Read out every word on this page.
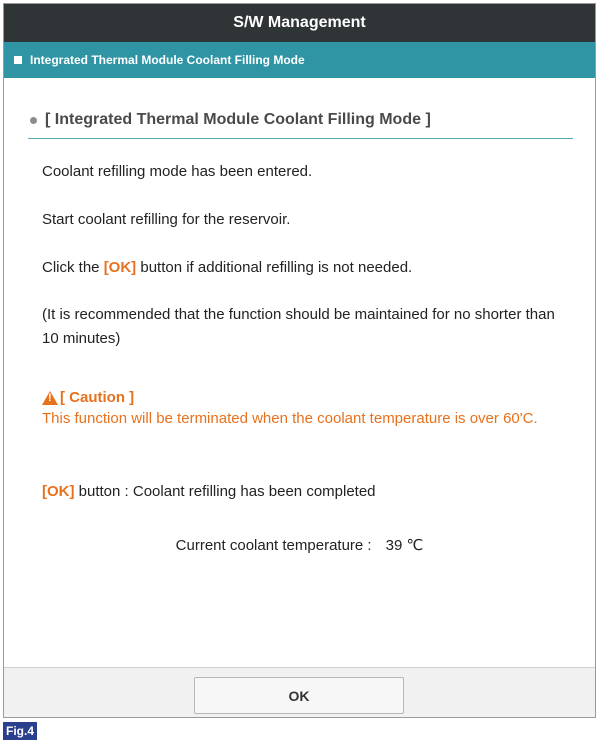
S/W Management
Integrated Thermal Module Coolant Filling Mode
[ Integrated Thermal Module Coolant Filling Mode ]
Coolant refilling mode has been entered.
Start coolant refilling for the reservoir.
Click the [OK] button if additional refilling is not needed.
(It is recommended that the function should be maintained for no shorter than 10 minutes)
!
[ Caution ]
This function will be terminated when the coolant temperature is over 60'C.
[OK] button : Coolant refilling has been completed
Current coolant temperature : 39 ℃
OK
Fig.4
